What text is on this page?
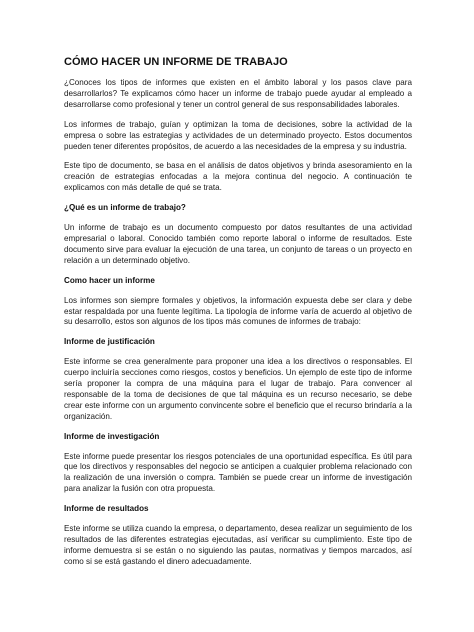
CÓMO HACER UN INFORME DE TRABAJO

¿Conoces los tipos de informes que existen en el ámbito laboral y los pasos clave para desarrollarlos? Te explicamos cómo hacer un informe de trabajo puede ayudar al empleado a desarrollarse como profesional y tener un control general de sus responsabilidades laborales.

Los informes de trabajo, guían y optimizan la toma de decisiones, sobre la actividad de la empresa o sobre las estrategias y actividades de un determinado proyecto. Estos documentos pueden tener diferentes propósitos, de acuerdo a las necesidades de la empresa y su industria.

Este tipo de documento, se basa en el análisis de datos objetivos y brinda asesoramiento en la creación de estrategias enfocadas a la mejora continua del negocio. A continuación te explicamos con más detalle de qué se trata.

¿Qué es un informe de trabajo?

Un informe de trabajo es un documento compuesto por datos resultantes de una actividad empresarial o laboral. Conocido también como reporte laboral o informe de resultados. Este documento sirve para evaluar la ejecución de una tarea, un conjunto de tareas o un proyecto en relación a un determinado objetivo.

Como hacer un informe

Los informes son siempre formales y objetivos, la información expuesta debe ser clara y debe estar respaldada por una fuente legítima. La tipología de informe varía de acuerdo al objetivo de su desarrollo, estos son algunos de los tipos más comunes de informes de trabajo:

Informe de justificación

Este informe se crea generalmente para proponer una idea a los directivos o responsables. El cuerpo incluiría secciones como riesgos, costos y beneficios. Un ejemplo de este tipo de informe sería proponer la compra de una máquina para el lugar de trabajo. Para convencer al responsable de la toma de decisiones de que tal máquina es un recurso necesario, se debe crear este informe con un argumento convincente sobre el beneficio que el recurso brindaría a la organización.

Informe de investigación

Este informe puede presentar los riesgos potenciales de una oportunidad específica. Es útil para que los directivos y responsables del negocio se anticipen a cualquier problema relacionado con la realización de una inversión o compra. También se puede crear un informe de investigación para analizar la fusión con otra propuesta.

Informe de resultados

Este informe se utiliza cuando la empresa, o departamento, desea realizar un seguimiento de los resultados de las diferentes estrategias ejecutadas, así verificar su cumplimiento. Este tipo de informe demuestra si se están o no siguiendo las pautas, normativas y tiempos marcados, así como si se está gastando el dinero adecuadamente.
